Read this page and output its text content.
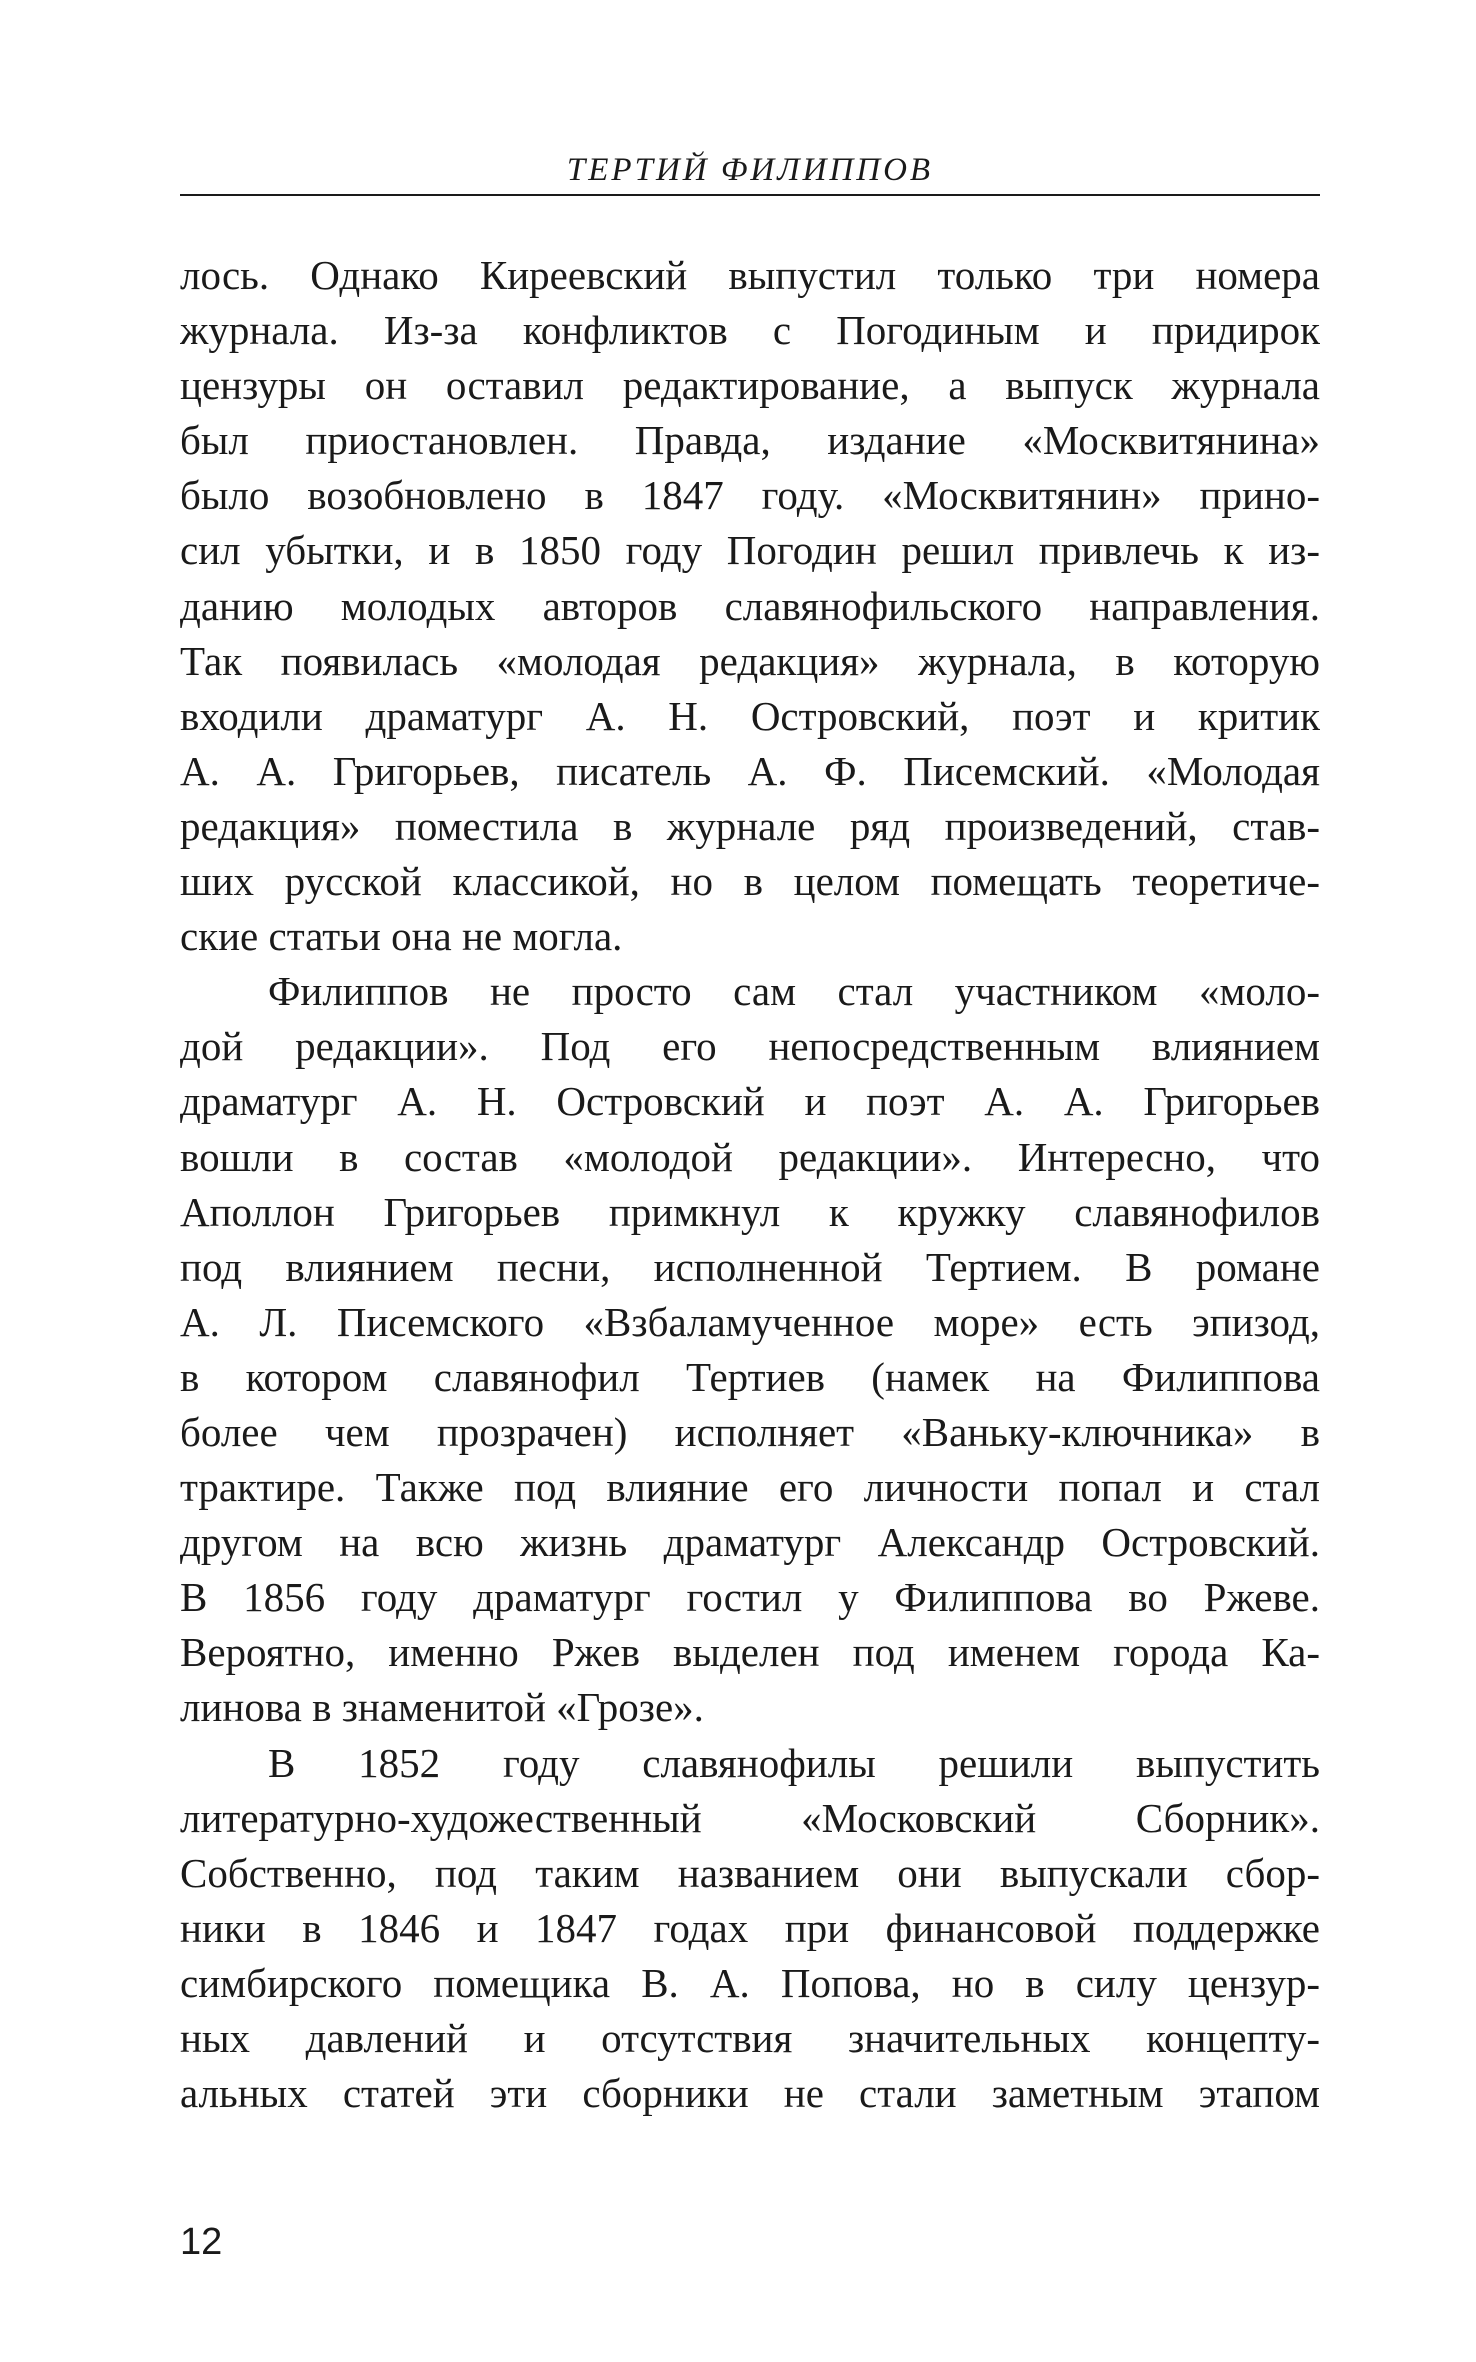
ТЕРТИЙ ФИЛИППОВ
лось. Однако Киреевский выпустил только три номера
журнала. Из-за конфликтов с Погодиным и придирок
цензуры он оставил редактирование, а выпуск журнала
был приостановлен. Правда, издание «Москвитянина»
было возобновлено в 1847 году. «Москвитянин» прино-
сил убытки, и в 1850 году Погодин решил привлечь к из-
данию молодых авторов славянофильского направления.
Так появилась «молодая редакция» журнала, в которую
входили драматург А. Н. Островский, поэт и критик
А. А. Григорьев, писатель А. Ф. Писемский. «Молодая
редакция» поместила в журнале ряд произведений, став-
ших русской классикой, но в целом помещать теоретиче-
ские статьи она не могла.
Филиппов не просто сам стал участником «моло-
дой редакции». Под его непосредственным влиянием
драматург А. Н. Островский и поэт А. А. Григорьев
вошли в состав «молодой редакции». Интересно, что
Аполлон Григорьев примкнул к кружку славянофилов
под влиянием песни, исполненной Тертием. В романе
А. Л. Писемского «Взбаламученное море» есть эпизод,
в котором славянофил Тертиев (намек на Филиппова
более чем прозрачен) исполняет «Ваньку-ключника» в
трактире. Также под влияние его личности попал и стал
другом на всю жизнь драматург Александр Островский.
В 1856 году драматург гостил у Филиппова во Ржеве.
Вероятно, именно Ржев выделен под именем города Ка-
линова в знаменитой «Грозе».
В 1852 году славянофилы решили выпустить
литературно-художественный «Московский Сборник».
Собственно, под таким названием они выпускали сбор-
ники в 1846 и 1847 годах при финансовой поддержке
симбирского помещика В. А. Попова, но в силу цензур-
ных давлений и отсутствия значительных концепту-
альных статей эти сборники не стали заметным этапом
12
